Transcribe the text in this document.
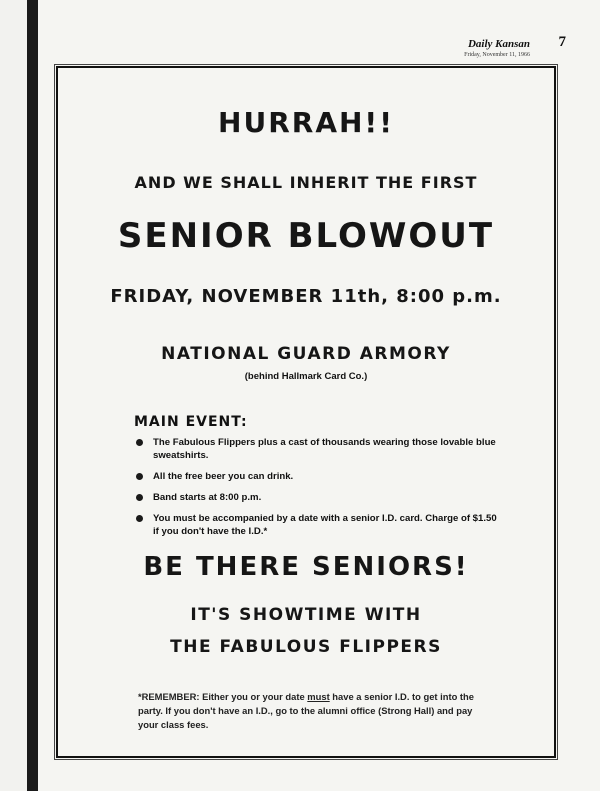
Daily Kansan
Friday, November 11, 1966
7
HURRAH!!
AND WE SHALL INHERIT THE FIRST
SENIOR BLOWOUT
FRIDAY, NOVEMBER 11th, 8:00 p.m.
NATIONAL GUARD ARMORY
(behind Hallmark Card Co.)
MAIN EVENT:
The Fabulous Flippers plus a cast of thousands wearing those lovable blue sweatshirts.
All the free beer you can drink.
Band starts at 8:00 p.m.
You must be accompanied by a date with a senior I.D. card. Charge of $1.50 if you don't have the I.D.*
BE THERE SENIORS!
IT'S SHOWTIME WITH
THE FABULOUS FLIPPERS
*REMEMBER: Either you or your date must have a senior I.D. to get into the party. If you don't have an I.D., go to the alumni office (Strong Hall) and pay your class fees.
